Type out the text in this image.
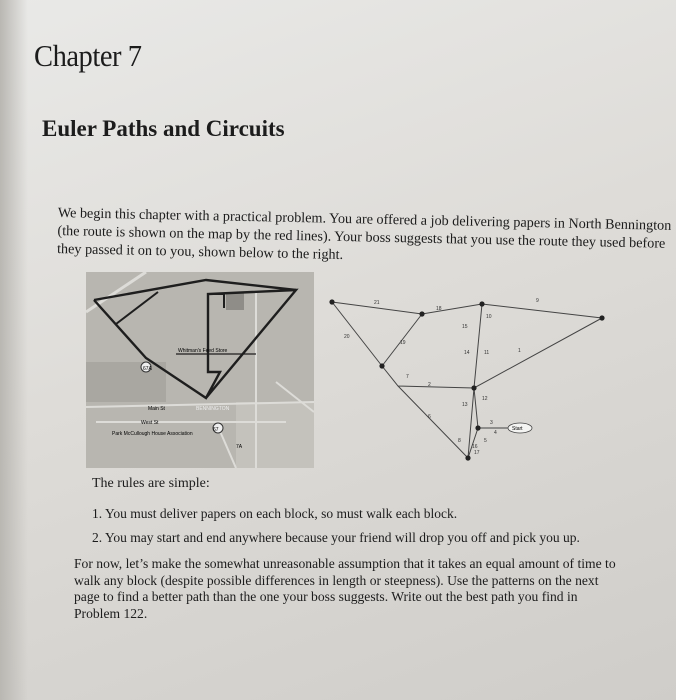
Chapter 7
Euler Paths and Circuits
We begin this chapter with a practical problem. You are offered a job delivering papers in North Bennington (the route is shown on the map by the red lines). Your boss suggests that you use the route they used before they passed it on to you, shown below to the right.
67A
Whitman's Feed Store
BENNINGTON
Main St
West St
Park McCullough House Association
67
7A
Start
21
18
19
20
9
10
15
14	11	1
2
7
6
13
12
3
4
5
8
16
17
The rules are simple:
1. You must deliver papers on each block, so must walk each block.
2. You may start and end anywhere because your friend will drop you off and pick you up.
For now, let’s make the somewhat unreasonable assumption that it takes an equal amount of time to walk any block (despite possible differences in length or steepness). Use the patterns on the next page to find a better path than the one your boss suggests. Write out the best path you find in Problem 122.
